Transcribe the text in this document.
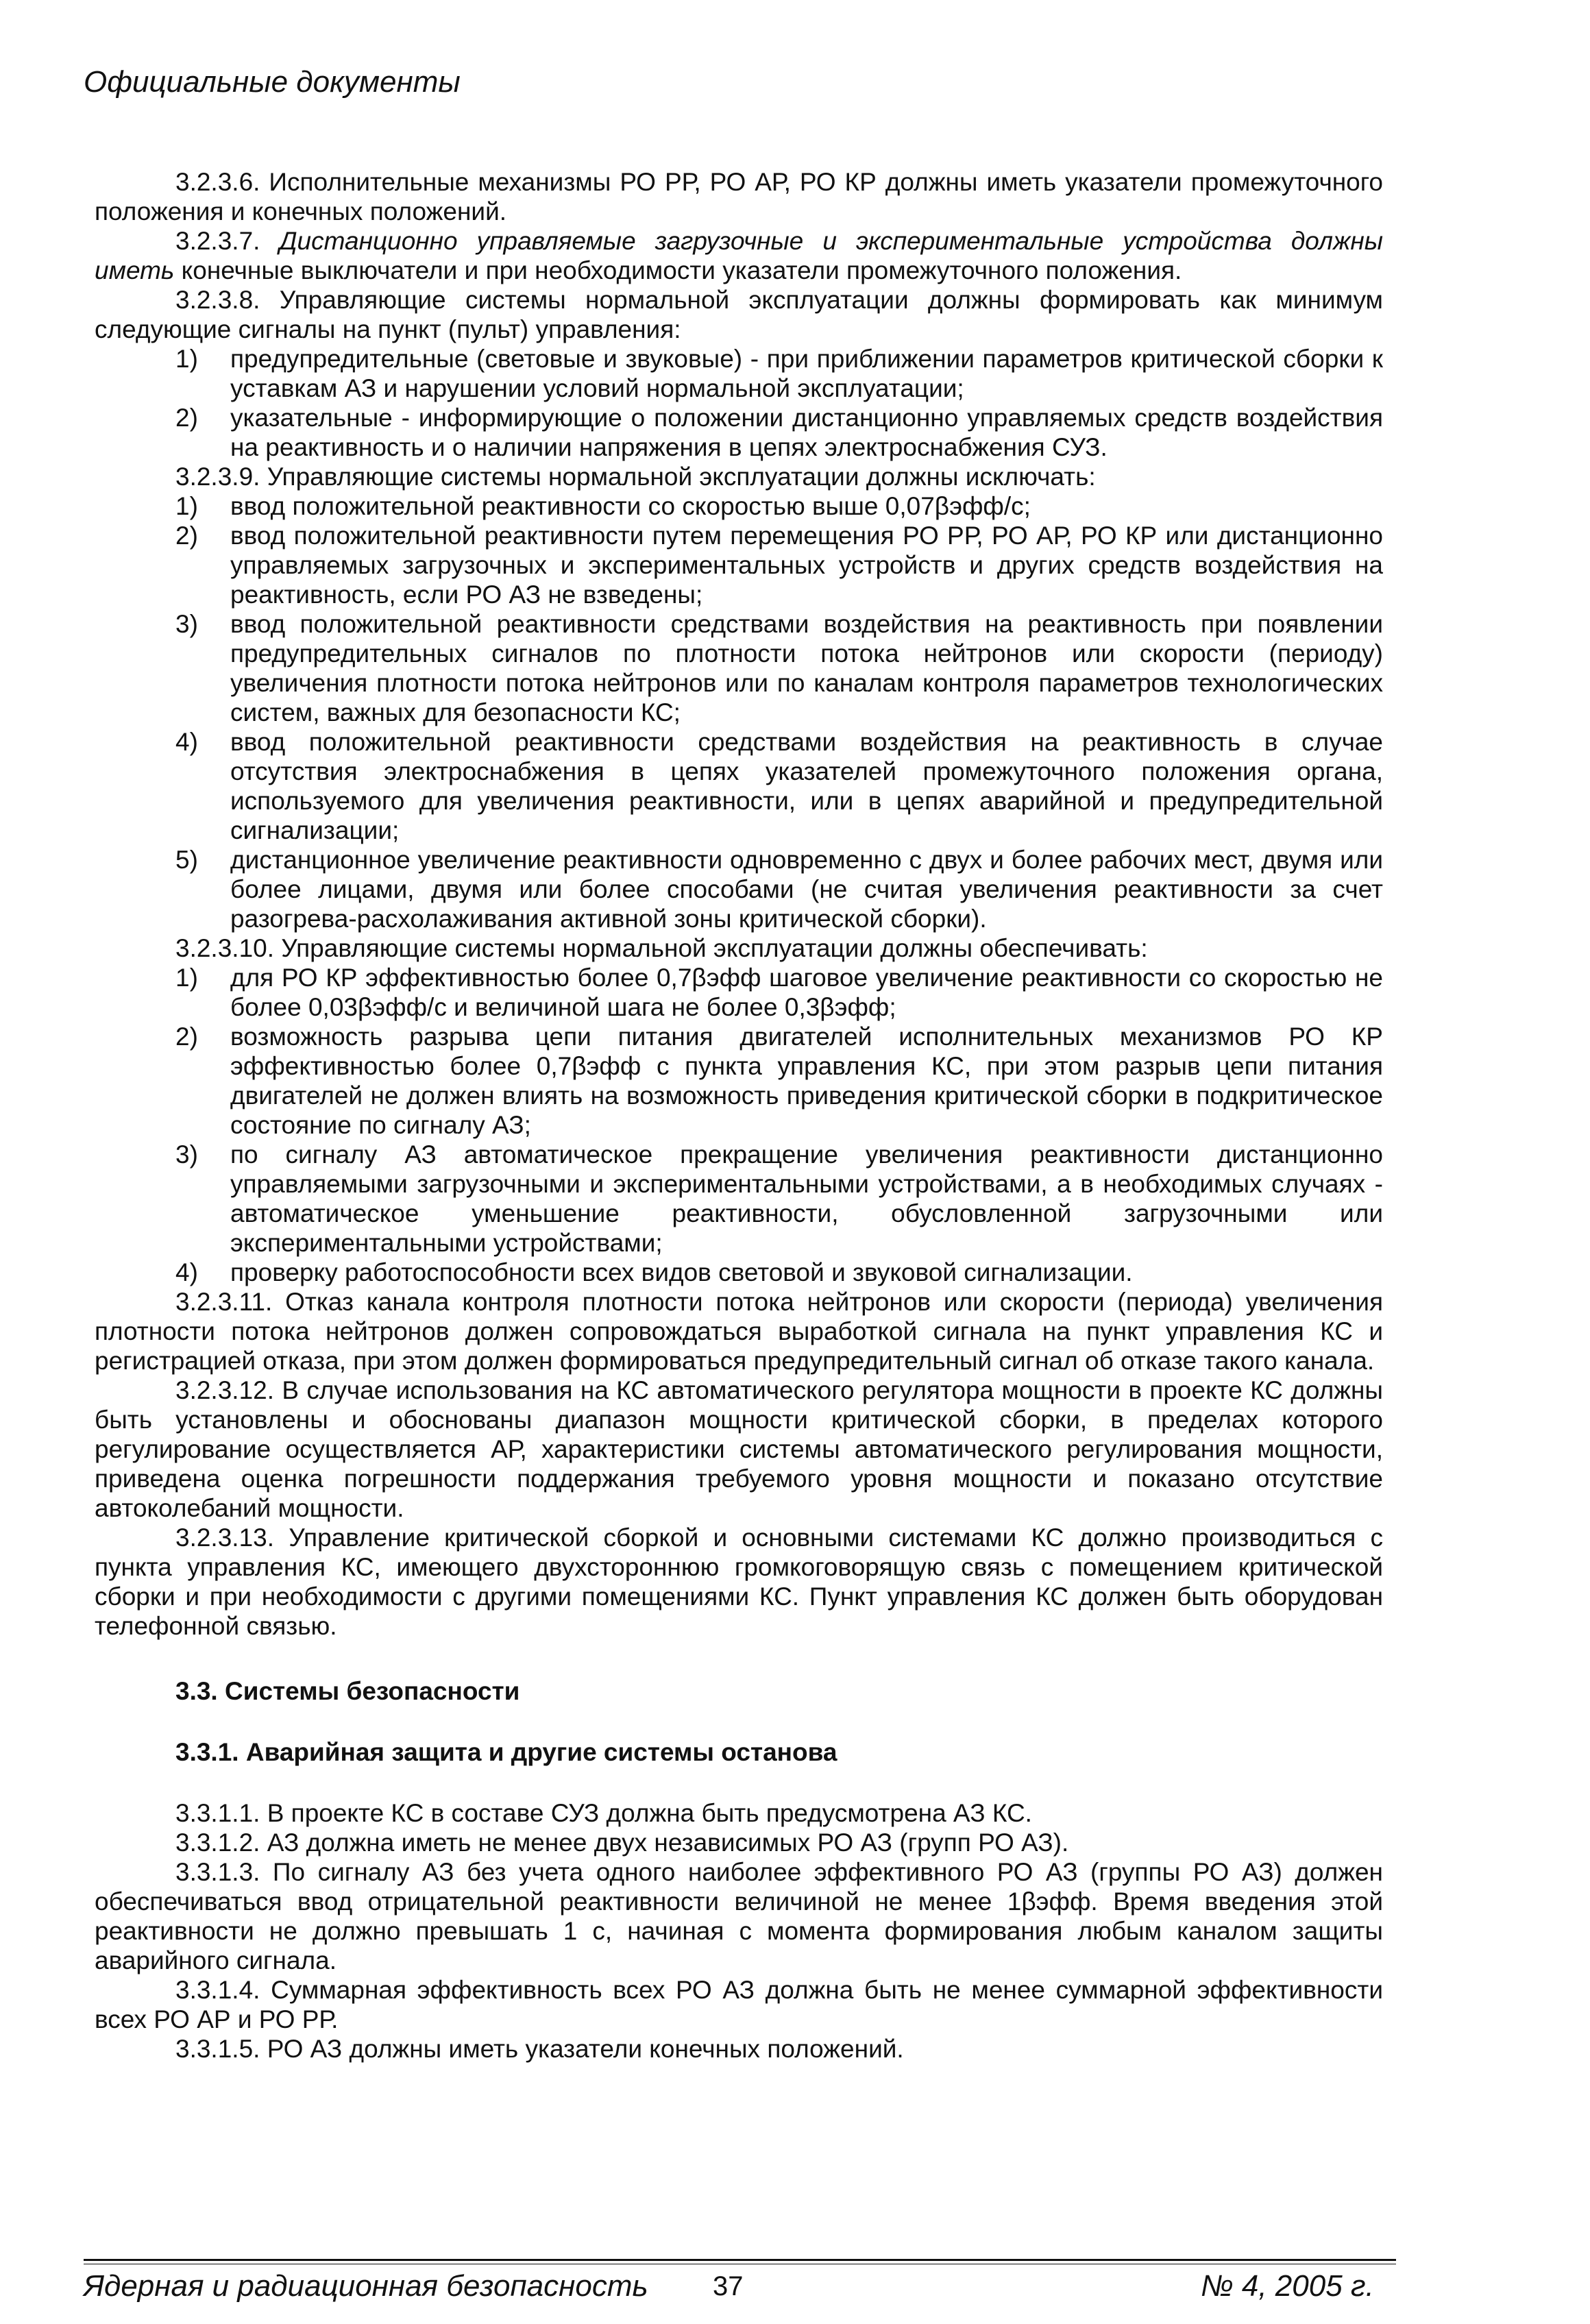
Официальные документы

3.2.3.6. Исполнительные механизмы РО РР, РО АР, РО КР должны иметь указатели промежуточного положения и конечных положений.

3.2.3.7. Дистанционно управляемые загрузочные и экспериментальные устройства должны иметь конечные выключатели и при необходимости указатели промежуточного положения.

3.2.3.8. Управляющие системы нормальной эксплуатации должны формировать как минимум следующие сигналы на пункт (пульт) управления:

1)	предупредительные (световые и звуковые) - при приближении параметров критической сборки к уставкам АЗ и нарушении условий нормальной эксплуатации;
2)	указательные - информирующие о положении дистанционно управляемых средств воздействия на реактивность и о наличии напряжения в цепях электроснабжения СУЗ.

3.2.3.9. Управляющие системы нормальной эксплуатации должны исключать:

1)	ввод положительной реактивности со скоростью выше 0,07βэфф/с;
2)	ввод положительной реактивности путем перемещения РО РР, РО АР, РО КР или дистанционно управляемых загрузочных и экспериментальных устройств и других средств воздействия на реактивность, если РО АЗ не взведены;
3)	ввод положительной реактивности средствами воздействия на реактивность при появлении предупредительных сигналов по плотности потока нейтронов или скорости (периоду) увеличения плотности потока нейтронов или по каналам контроля параметров технологических систем, важных для безопасности КС;
4)	ввод положительной реактивности средствами воздействия на реактивность в случае отсутствия электроснабжения в цепях указателей промежуточного положения органа, используемого для увеличения реактивности, или в цепях аварийной и предупредительной сигнализации;
5)	дистанционное увеличение реактивности одновременно с двух и более рабочих мест, двумя или более лицами, двумя или более способами (не считая увеличения реактивности за счет разогрева-расхолаживания активной зоны критической сборки).

3.2.3.10. Управляющие системы нормальной эксплуатации должны обеспечивать:

1)	для РО КР эффективностью более 0,7βэфф шаговое увеличение реактивности со скоростью не более 0,03βэфф/с и величиной шага не более 0,3βэфф;
2)	возможность разрыва цепи питания двигателей исполнительных механизмов РО КР эффективностью более 0,7βэфф с пункта управления КС, при этом разрыв цепи питания двигателей не должен влиять на возможность приведения критической сборки в подкритическое состояние по сигналу АЗ;
3)	по сигналу АЗ автоматическое прекращение увеличения реактивности дистанционно управляемыми загрузочными и экспериментальными устройствами, а в необходимых случаях - автоматическое уменьшение реактивности, обусловленной загрузочными или экспериментальными устройствами;
4)	проверку работоспособности всех видов световой и звуковой сигнализации.

3.2.3.11. Отказ канала контроля плотности потока нейтронов или скорости (периода) увеличения плотности потока нейтронов должен сопровождаться выработкой сигнала на пункт управления КС и регистрацией отказа, при этом должен формироваться предупредительный сигнал об отказе такого канала.

3.2.3.12. В случае использования на КС автоматического регулятора мощности в проекте КС должны быть установлены и обоснованы диапазон мощности критической сборки, в пределах которого регулирование осуществляется АР, характеристики системы автоматического регулирования мощности, приведена оценка погрешности поддержания требуемого уровня мощности и показано отсутствие автоколебаний мощности.

3.2.3.13. Управление критической сборкой и основными системами КС должно производиться с пункта управления КС, имеющего двухстороннюю громкоговорящую связь с помещением критической сборки и при необходимости с другими помещениями КС. Пункт управления КС должен быть оборудован телефонной связью.

3.3. Системы безопасности

3.3.1. Аварийная защита и другие системы останова

3.3.1.1. В проекте КС в составе СУЗ должна быть предусмотрена АЗ КС.

3.3.1.2. АЗ должна иметь не менее двух независимых РО АЗ (групп РО АЗ).

3.3.1.3. По сигналу АЗ без учета одного наиболее эффективного РО АЗ (группы РО АЗ) должен обеспечиваться ввод отрицательной реактивности величиной не менее 1βэфф. Время введения этой реактивности не должно превышать 1 с, начиная с момента формирования любым каналом защиты аварийного сигнала.

3.3.1.4. Суммарная эффективность всех РО АЗ должна быть не менее суммарной эффективности всех РО АР и РО РР.

3.3.1.5. РО АЗ должны иметь указатели конечных положений.

Ядерная и радиационная безопасность 37	№ 4, 2005 г.
